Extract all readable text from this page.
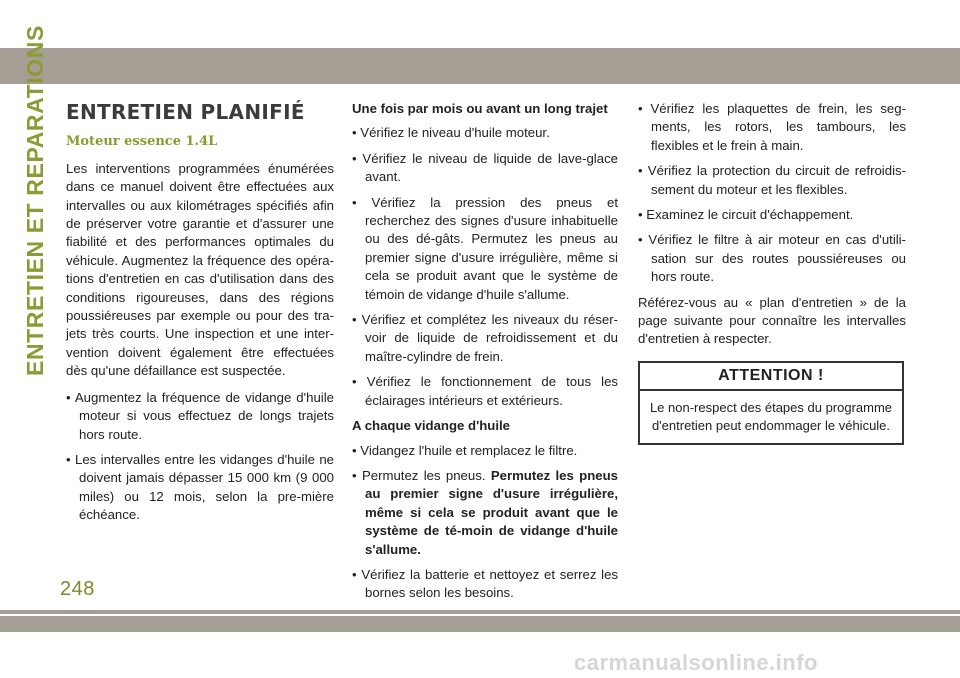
ENTRETIEN ET REPARATIONS ENTRETIEN PLANIFIÉ
Moteur essence 1.4L

Les interventions programmées énumérées dans ce manuel doivent être effectuées aux intervalles ou aux kilométrages spécifiés afin de préserver votre garantie et d'assurer une fiabilité et des performances optimales du véhicule. Augmentez la fréquence des opéra-tions d'entretien en cas d'utilisation dans des conditions rigoureuses, dans des régions poussiéreuses par exemple ou pour des tra-jets très courts. Une inspection et une inter-vention doivent également être effectuées dès qu'une défaillance est suspectée.

• Augmentez la fréquence de vidange d'huile moteur si vous effectuez de longs trajets hors route.
• Les intervalles entre les vidanges d'huile ne doivent jamais dépasser 15 000 km (9 000 miles) ou 12 mois, selon la pre-mière échéance.
Une fois par mois ou avant un long trajet
• Vérifiez le niveau d'huile moteur.
• Vérifiez le niveau de liquide de lave-glace avant.
• Vérifiez la pression des pneus et recherchez des signes d'usure inhabituelle ou des dé-gâts. Permutez les pneus au premier signe d'usure irrégulière, même si cela se produit avant que le système de témoin de vidange d'huile s'allume.
• Vérifiez et complétez les niveaux du réser-voir de liquide de refroidissement et du maître-cylindre de frein.
• Vérifiez le fonctionnement de tous les éclairages intérieurs et extérieurs.
A chaque vidange d'huile
• Vidangez l'huile et remplacez le filtre.
• Permutez les pneus. Permutez les pneus au premier signe d'usure irrégulière, même si cela se produit avant que le système de té-moin de vidange d'huile s'allume.
• Vérifiez la batterie et nettoyez et serrez les bornes selon les besoins.
• Vérifiez les plaquettes de frein, les seg-ments, les rotors, les tambours, les flexibles et le frein à main.
• Vérifiez la protection du circuit de refroidis-sement du moteur et les flexibles.
• Examinez le circuit d'échappement.
• Vérifiez le filtre à air moteur en cas d'utili-sation sur des routes poussiéreuses ou hors route.

Référez-vous au « plan d'entretien » de la page suivante pour connaître les intervalles d'entretien à respecter.

ATTENTION !
Le non-respect des étapes du programme d'entretien peut endommager le véhicule.
248
carmanualsonline.info
